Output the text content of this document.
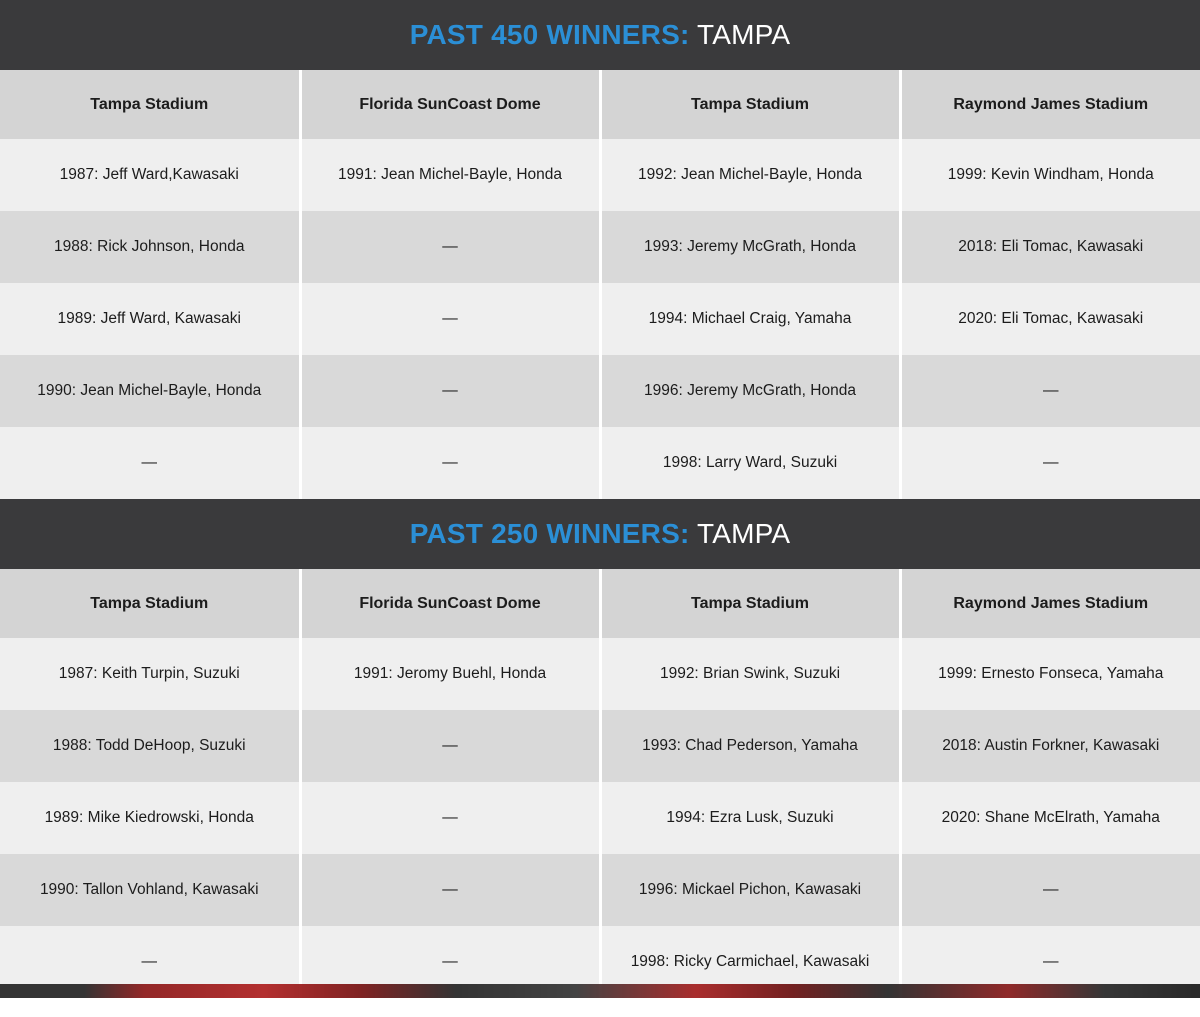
PAST 450 WINNERS: TAMPA
Tampa Stadium	Florida SunCoast Dome	Tampa Stadium	Raymond James Stadium
1987: Jeff Ward,Kawasaki	1991: Jean Michel-Bayle, Honda	1992: Jean Michel-Bayle, Honda	1999: Kevin Windham, Honda
1988: Rick Johnson, Honda	—	1993: Jeremy McGrath, Honda	2018: Eli Tomac, Kawasaki
1989: Jeff Ward, Kawasaki	—	1994: Michael Craig, Yamaha	2020: Eli Tomac, Kawasaki
1990: Jean Michel-Bayle, Honda	—	1996: Jeremy McGrath, Honda	—
—	—	1998: Larry Ward, Suzuki	—
PAST 250 WINNERS: TAMPA
Tampa Stadium	Florida SunCoast Dome	Tampa Stadium	Raymond James Stadium
1987: Keith Turpin, Suzuki	1991: Jeromy Buehl, Honda	1992: Brian Swink, Suzuki	1999: Ernesto Fonseca, Yamaha
1988: Todd DeHoop, Suzuki	—	1993: Chad Pederson, Yamaha	2018: Austin Forkner, Kawasaki
1989: Mike Kiedrowski, Honda	—	1994: Ezra Lusk, Suzuki	2020: Shane McElrath, Yamaha
1990: Tallon Vohland, Kawasaki	—	1996: Mickael Pichon, Kawasaki	—
—	—	1998: Ricky Carmichael, Kawasaki	—
